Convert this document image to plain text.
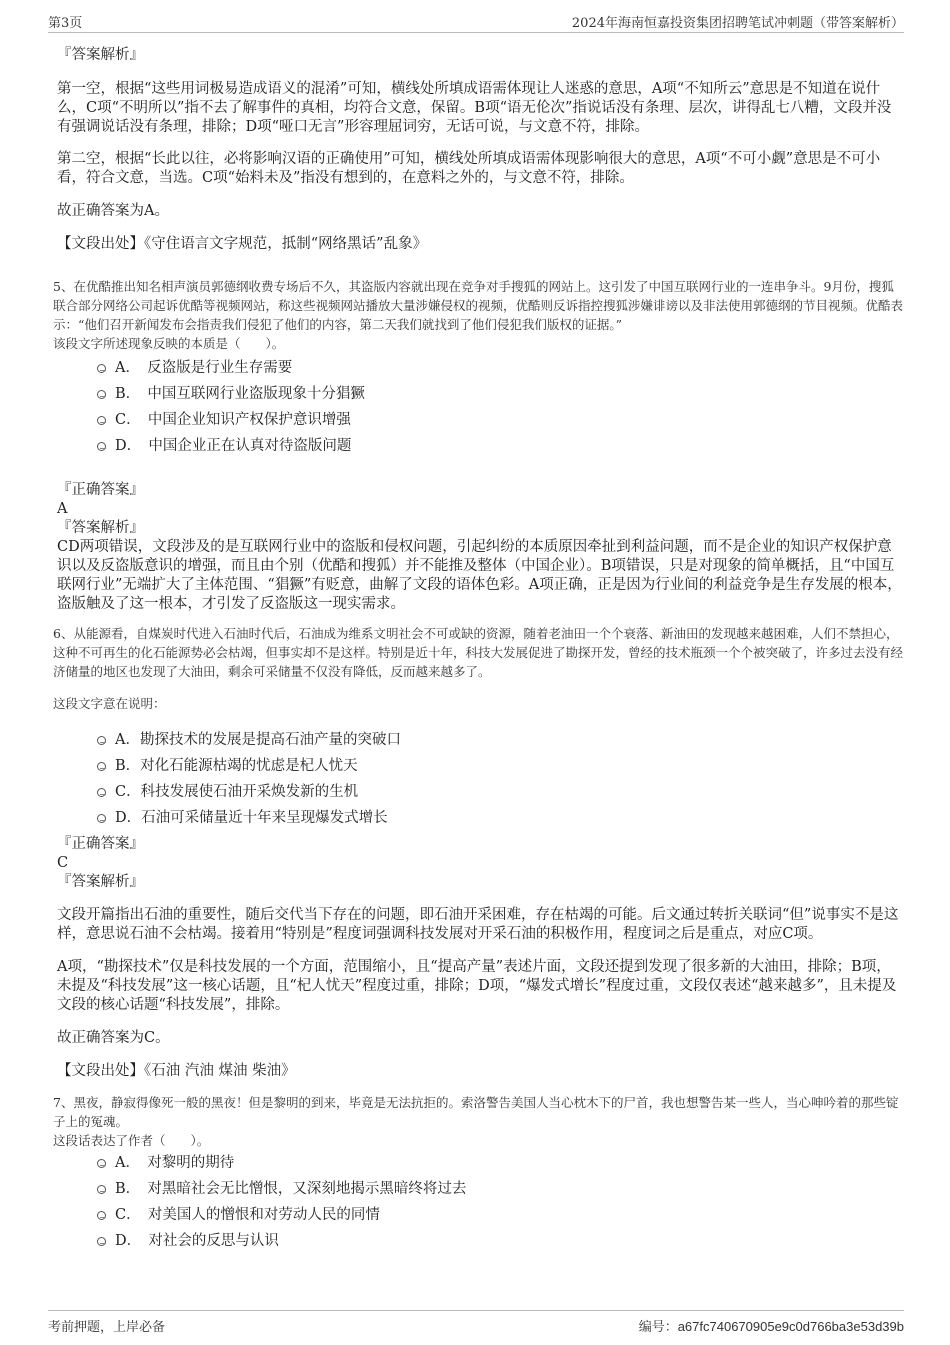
第3页	2024年海南恒嘉投资集团招聘笔试冲刺题（带答案解析）

『答案解析』

第一空，根据“这些用词极易造成语义的混淆”可知，横线处所填成语需体现让人迷惑的意思，A项“不知所云”意思是不知道在说什么，C项“不明所以”指不去了解事件的真相，均符合文意，保留。B项“语无伦次”指说话没有条理、层次，讲得乱七八糟，文段并没有强调说话没有条理，排除；D项“哑口无言”形容理屈词穷，无话可说，与文意不符，排除。

第二空，根据“长此以往，必将影响汉语的正确使用”可知，横线处所填成语需体现影响很大的意思，A项“不可小觑”意思是不可小看，符合文意，当选。C项“始料未及”指没有想到的，在意料之外的，与文意不符，排除。

故正确答案为A。

【文段出处】《守住语言文字规范，抵制“网络黑话”乱象》

5、在优酷推出知名相声演员郭德纲收费专场后不久，其盗版内容就出现在竞争对手搜狐的网站上。这引发了中国互联网行业的一连串争斗。9月份，搜狐联合部分网络公司起诉优酷等视频网站，称这些视频网站播放大量涉嫌侵权的视频，优酷则反诉指控搜狐涉嫌诽谤以及非法使用郭德纲的节目视频。优酷表示：“他们召开新闻发布会指责我们侵犯了他们的内容，第二天我们就找到了他们侵犯我们版权的证据。”

该段文字所述现象反映的本质是（　　）。

A．　反盗版是行业生存需要
B．　中国互联网行业盗版现象十分猖獗
C．　中国企业知识产权保护意识增强
D．　中国企业正在认真对待盗版问题

『正确答案』

A

『答案解析』

CD两项错误，文段涉及的是互联网行业中的盗版和侵权问题，引起纠纷的本质原因牵扯到利益问题，而不是企业的知识产权保护意识以及反盗版意识的增强，而且由个别（优酷和搜狐）并不能推及整体（中国企业）。B项错误，只是对现象的简单概括，且“中国互联网行业”无端扩大了主体范围、“猖獗”有贬意，曲解了文段的语体色彩。A项正确，正是因为行业间的利益竞争是生存发展的根本，盗版触及了这一根本，才引发了反盗版这一现实需求。

6、从能源看，自煤炭时代进入石油时代后，石油成为维系文明社会不可或缺的资源，随着老油田一个个衰落、新油田的发现越来越困难，人们不禁担心，这种不可再生的化石能源势必会枯竭，但事实却不是这样。特别是近十年，科技大发展促进了勘探开发，曾经的技术瓶颈一个个被突破了，许多过去没有经济储量的地区也发现了大油田，剩余可采储量不仅没有降低，反而越来越多了。

这段文字意在说明：

A．勘探技术的发展是提高石油产量的突破口
B．对化石能源枯竭的忧虑是杞人忧天
C．科技发展使石油开采焕发新的生机
D．石油可采储量近十年来呈现爆发式增长

『正确答案』

C

『答案解析』

文段开篇指出石油的重要性，随后交代当下存在的问题，即石油开采困难，存在枯竭的可能。后文通过转折关联词“但”说事实不是这样，意思说石油不会枯竭。接着用“特别是”程度词强调科技发展对开采石油的积极作用，程度词之后是重点，对应C项。

A项，“勘探技术”仅是科技发展的一个方面，范围缩小，且“提高产量”表述片面，文段还提到发现了很多新的大油田，排除；B项，未提及“科技发展”这一核心话题，且“杞人忧天”程度过重，排除；D项，“爆发式增长”程度过重，文段仅表述“越来越多”，且未提及文段的核心话题“科技发展”，排除。

故正确答案为C。

【文段出处】《石油 汽油 煤油 柴油》

7、黑夜，静寂得像死一般的黑夜！但是黎明的到来，毕竟是无法抗拒的。索洛警告美国人当心枕木下的尸首，我也想警告某一些人，当心呻吟着的那些锭子上的冤魂。

这段话表达了作者（　　）。

A．　对黎明的期待
B．　对黑暗社会无比憎恨，又深刻地揭示黑暗终将过去
C．　对美国人的憎恨和对劳动人民的同情
D．　对社会的反思与认识
考前押题，上岸必备	编号：a67fc740670905e9c0d766ba3e53d39b
